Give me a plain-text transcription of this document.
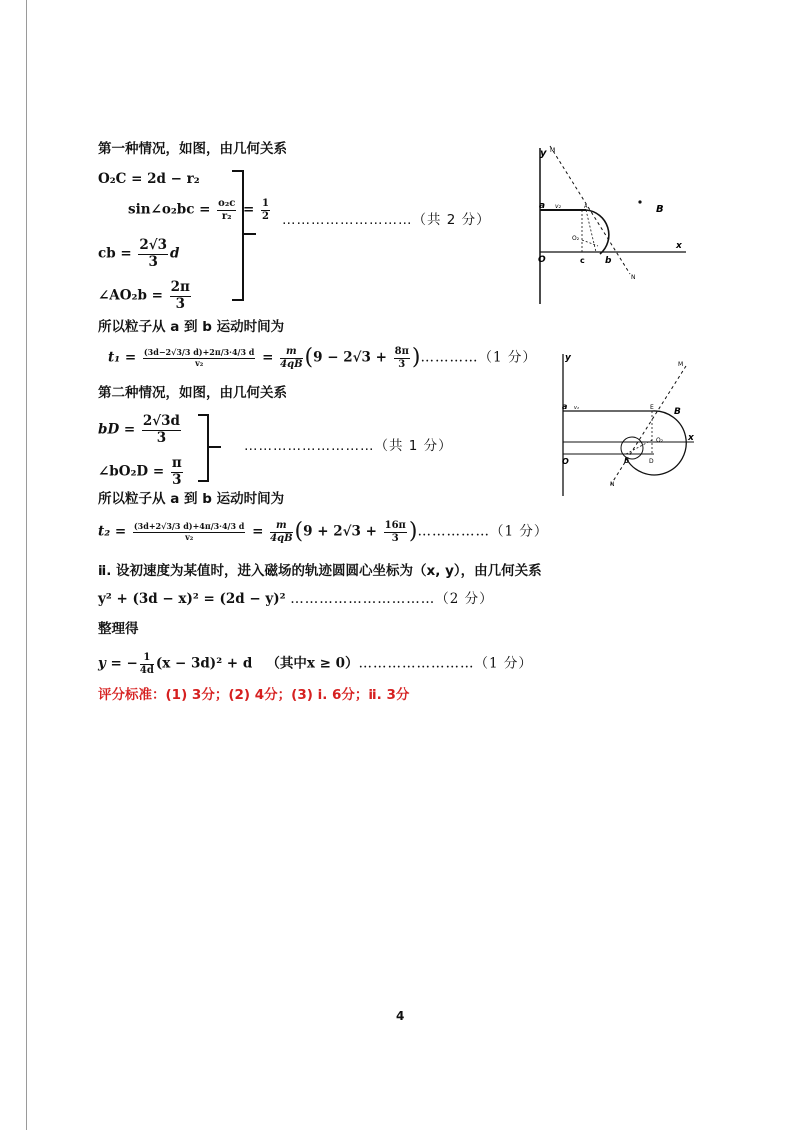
第一种情况，如图，由几何关系
O₂C = 2d − r₂
sin∠o₂bc = $\frac{\text{o₂c}}{\text{r₂}} = \frac{1}{2}$
cb = $\frac{2√3}{3}$ d
∠AO₂b = $\frac{2\pi}{3}$
………………………（共 2 分）
所以粒子从 a 到 b 运动时间为
$t_1 = \frac{(3d-2√3/3 d)+2\pi/3\cdot 4/3 d}{\text{v₂}} = \frac{m}{4qB} (9 - 2√3 + \frac{8\pi}{3}$ )…………（1 分）
第二种情况，如图，由几何关系
bD = $\frac{2√3d}{3}$
∠bO₂D = $\frac{\pi}{3}$
………………………（共 1 分）
所以粒子从 a 到 b 运动时间为
$t_2 = \frac{(3d+2√3/3 d)+4\pi/3\cdot 4/3 d}{\text{v₂}} = \frac{m}{4qB} (9 + 2√3 + \frac{16\pi}{3}$ )……………（1 分）
ⅱ. 设初速度为某值时，进入磁场的轨迹圆圆心坐标为（x, y），由几何关系
y² + (3d − x)² = (2d − y)² …………………………（2 分）
整理得
y = − $\frac{1}{4d} (x - 3d)^2 + d$ （其中x ≥ 0）……………………（1 分）
评分标准：(1) 3分；(2) 4分；(3) ⅰ. 6分；ⅱ. 3分
y M
a v₂	A	B
O₂
x
O	c b
N
y
M
a v₂	E B
O₂	x
O	b	D
N
4
